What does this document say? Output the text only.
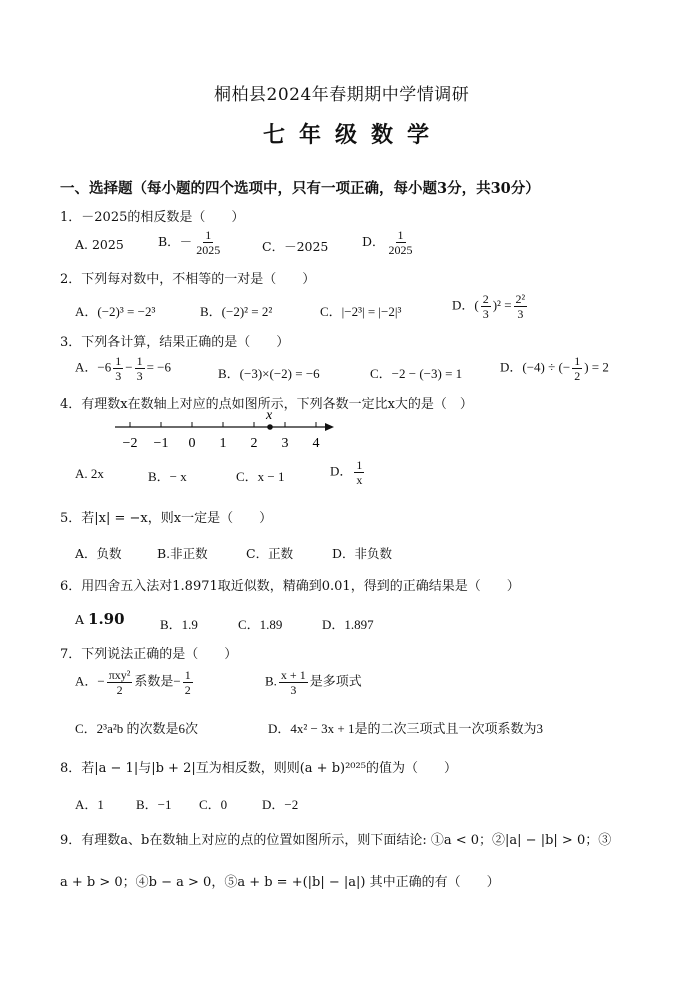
桐柏县2024年春期期中学情调研
七年级数学
一、选择题（每小题的四个选项中，只有一项正确，每小题3分，共30分）
1．－2025的相反数是（　　）
A. 2025	B．－ $\frac{1}{2025}$	C．－2025	D． $\frac{1}{2025}$
2．下列每对数中，不相等的一对是（　　）
A．(−2)³ = −2³	B．(−2)² = 2²	C．|−2³| = |−2|³	D．( $\frac{2}{3} )^2 = \frac{\text{2²}}{3}$
3．下列各计算，结果正确的是（　　）
A．$-6 \frac{1}{3} - \frac{1}{3} = -6$	B．(−3)×(−2) = −6	C．−2 − (−3) = 1	D．(−4) ÷ (− $\frac{1}{2}$ ) = 2
4．有理数x在数轴上对应的点如图所示，下列各数一定比x大的是（　）
−2 −1 0 1 2 3 4
x
A. 2x	B．− x	C．x − 1	D． $\frac{1}{x}$
5．若|x| = −x，则x一定是（　　）
A．负数	B.非正数	C．正数	D．非负数
6．用四舍五入法对1.8971取近似数，精确到0.01，得到的正确结果是（　　）
A 1.90	B．1.9	C．1.89	D．1.897
7．下列说法正确的是（　　）
A．− $\frac{\text{πxy²}}{2}$ 系数是− $\frac{1}{2}$	B. $\frac{x + 1}{3}$ 是多项式
C．2³a²b 的次数是6次	D．4x² − 3x + 1是的二次三项式且一次项系数为3
8．若|a − 1|与|b + 2|互为相反数，则则(a + b)²⁰²⁵的值为（　　）
A．1 B．−1 C．0	D．−2
9．有理数a、b在数轴上对应的点的位置如图所示，则下面结论: ①a < 0；②|a| − |b| > 0；③
a + b > 0；④b − a > 0，⑤a + b = +(|b| − |a|) 其中正确的有（　　）
